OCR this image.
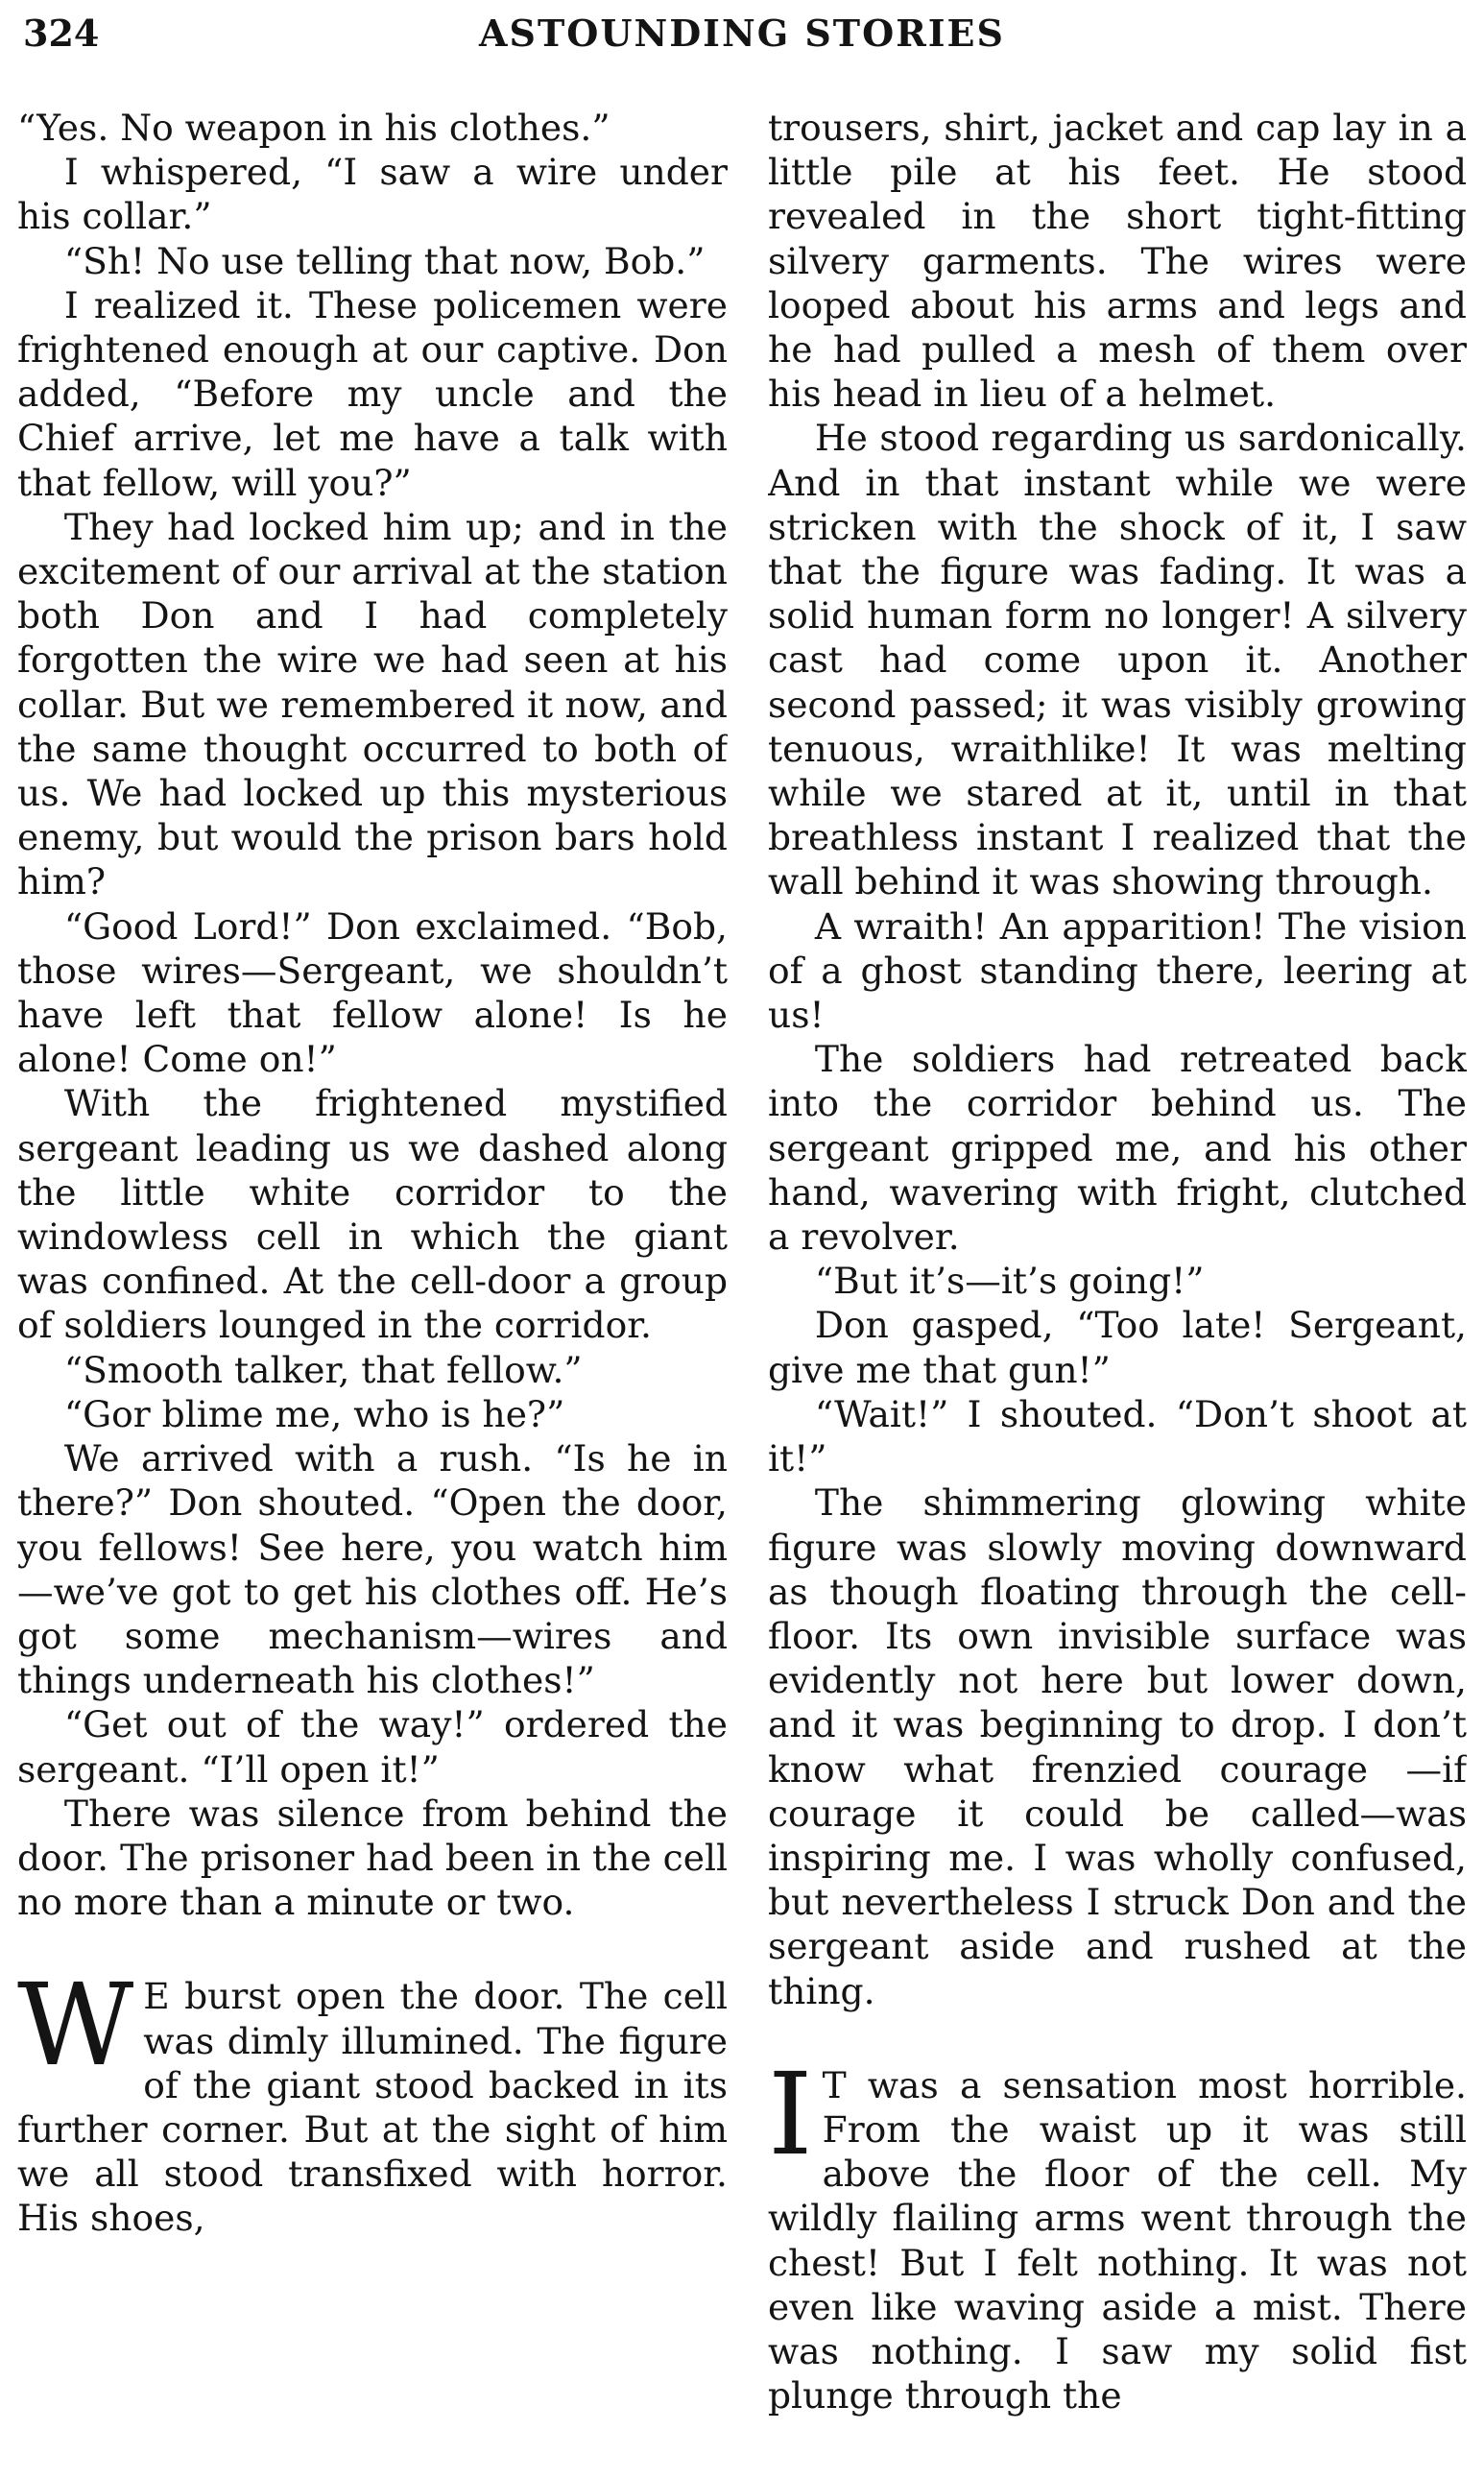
324	ASTOUNDING STORIES

“Yes. No weapon in his clothes.”

I whispered, “I saw a wire under his collar.”

“Sh! No use telling that now, Bob.”

I realized it. These policemen were frightened enough at our captive. Don added, “Before my uncle and the Chief arrive, let me have a talk with that fellow, will you?”

They had locked him up; and in the excitement of our arrival at the station both Don and I had completely forgotten the wire we had seen at his collar. But we remembered it now, and the same thought occurred to both of us. We had locked up this mysterious enemy, but would the prison bars hold him?

“Good Lord!” Don exclaimed. “Bob, those wires—Sergeant, we shouldn’t have left that fellow alone! Is he alone! Come on!”

With the frightened mystified sergeant leading us we dashed along the little white corridor to the windowless cell in which the giant was confined. At the cell-door a group of soldiers lounged in the corridor.

“Smooth talker, that fellow.”

“Gor blime me, who is he?”

We arrived with a rush. “Is he in there?” Don shouted. “Open the door, you fellows! See here, you watch him—we’ve got to get his clothes off. He’s got some mechanism—wires and things underneath his clothes!”

“Get out of the way!” ordered the sergeant. “I’ll open it!”

There was silence from behind the door. The prisoner had been in the cell no more than a minute or two.

W E burst open the door. The cell was dimly illumined. The figure of the giant stood backed in its further corner. But at the sight of him we all stood transfixed with horror. His shoes,

trousers, shirt, jacket and cap lay in a little pile at his feet. He stood revealed in the short tight-fitting silvery garments. The wires were looped about his arms and legs and he had pulled a mesh of them over his head in lieu of a helmet.

He stood regarding us sardonically. And in that instant while we were stricken with the shock of it, I saw that the figure was fading. It was a solid human form no longer! A silvery cast had come upon it. Another second passed; it was visibly growing tenuous, wraithlike! It was melting while we stared at it, until in that breathless instant I realized that the wall behind it was showing through.

A wraith! An apparition! The vision of a ghost standing there, leering at us!

The soldiers had retreated back into the corridor behind us. The sergeant gripped me, and his other hand, wavering with fright, clutched a revolver.

“But it’s—it’s going!”

Don gasped, “Too late! Sergeant, give me that gun!”

“Wait!” I shouted. “Don’t shoot at it!”

The shimmering glowing white figure was slowly moving downward as though floating through the cell-floor. Its own invisible surface was evidently not here but lower down, and it was beginning to drop. I don’t know what frenzied courage —if courage it could be called—was inspiring me. I was wholly confused, but nevertheless I struck Don and the sergeant aside and rushed at the thing.

I T was a sensation most horrible. From the waist up it was still above the floor of the cell. My wildly flailing arms went through the chest! But I felt nothing. It was not even like waving aside a mist. There was nothing. I saw my solid fist plunge through the
